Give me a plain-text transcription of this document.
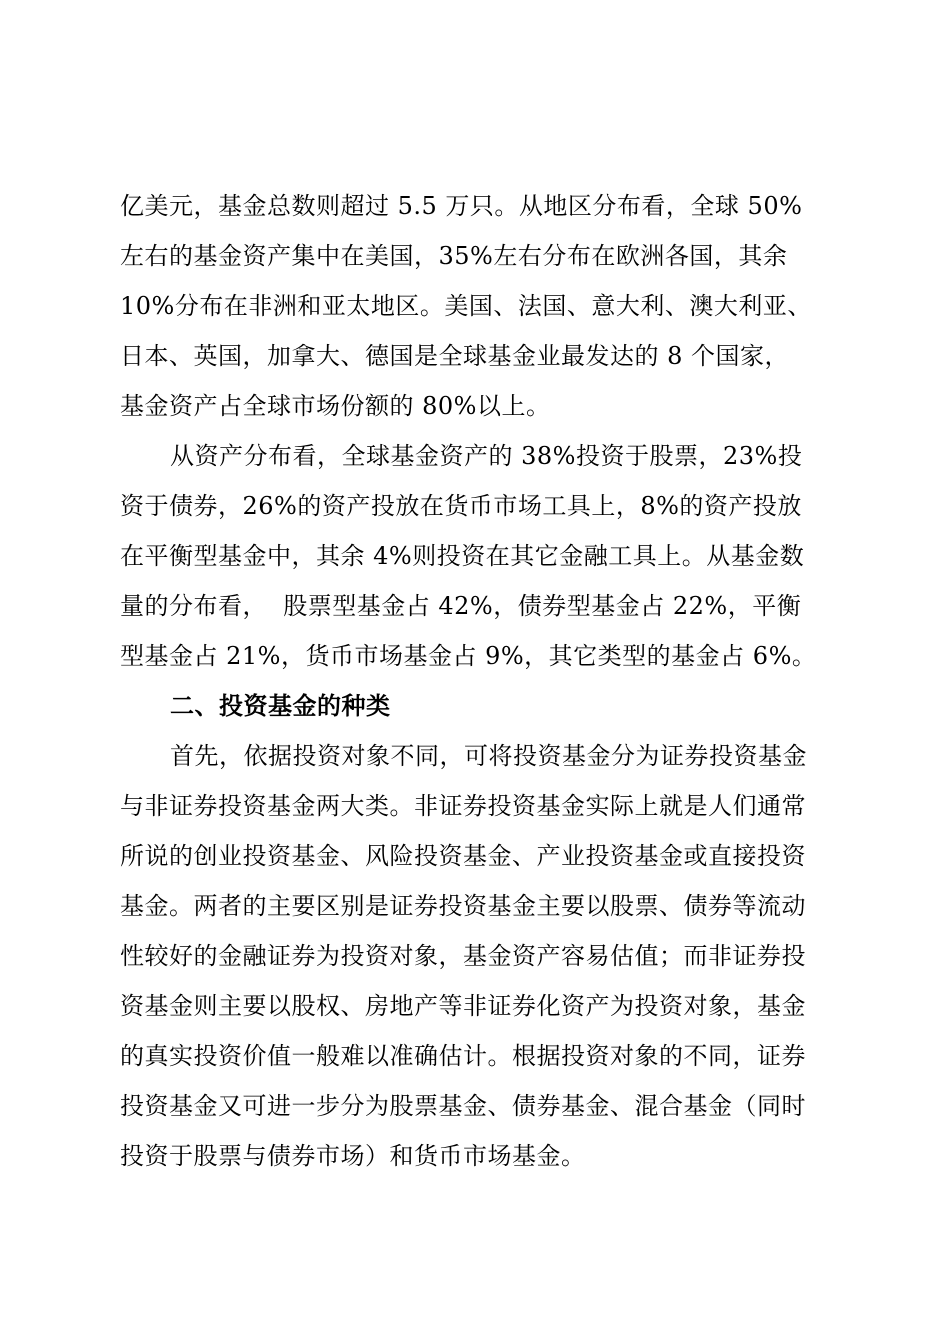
亿美元，基金总数则超过 5.5 万只。从地区分布看，全球 50%
左右的基金资产集中在美国，35%左右分布在欧洲各国，其余
10%分布在非洲和亚太地区。美国、法国、意大利、澳大利亚、
日本、英国，加拿大、德国是全球基金业最发达的 8 个国家，
基金资产占全球市场份额的 80%以上。
从资产分布看，全球基金资产的 38%投资于股票，23%投
资于债券，26%的资产投放在货币市场工具上，8%的资产投放
在平衡型基金中，其余 4%则投资在其它金融工具上。从基金数
量的分布看，  股票型基金占 42%，债券型基金占 22%，平衡
型基金占 21%，货币市场基金占 9%，其它类型的基金占 6%。
二、投资基金的种类
首先，依据投资对象不同，可将投资基金分为证券投资基金
与非证券投资基金两大类。非证券投资基金实际上就是人们通常
所说的创业投资基金、风险投资基金、产业投资基金或直接投资
基金。两者的主要区别是证券投资基金主要以股票、债券等流动
性较好的金融证券为投资对象，基金资产容易估值；而非证券投
资基金则主要以股权、房地产等非证券化资产为投资对象，基金
的真实投资价值一般难以准确估计。根据投资对象的不同，证券
投资基金又可进一步分为股票基金、债券基金、混合基金（同时
投资于股票与债券市场）和货币市场基金。
